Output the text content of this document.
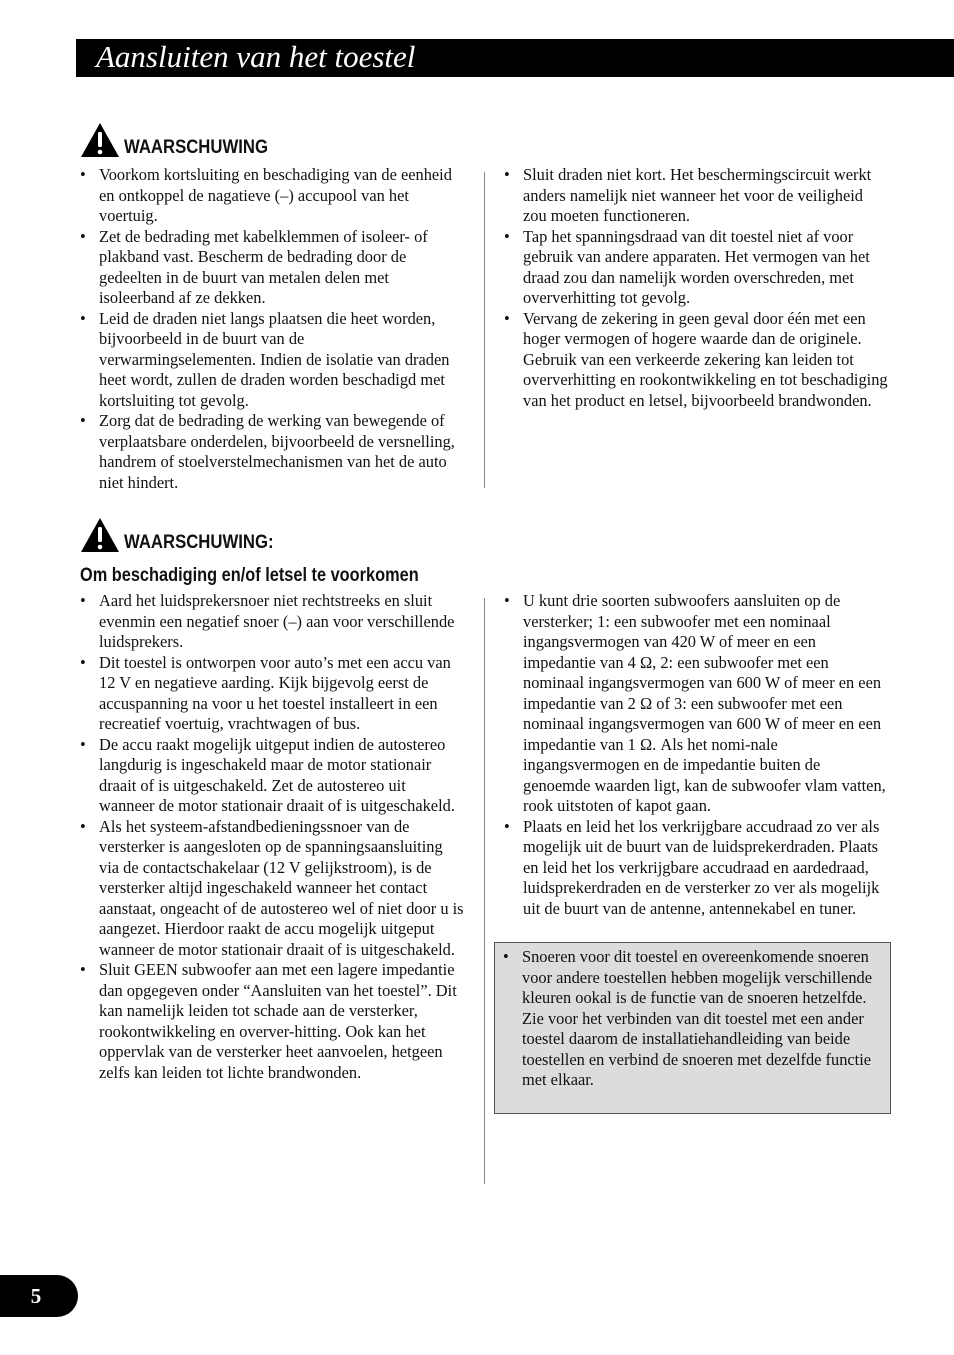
Aansluiten van het toestel
WAARSCHUWING
• Voorkom kortsluiting en beschadiging van de eenheid en ontkoppel de nagatieve (–) accupool van het voertuig.
• Zet de bedrading met kabelklemmen of isoleer- of plakband vast. Bescherm de bedrading door de gedeelten in de buurt van metalen delen met isoleerband af ze dekken.
• Leid de draden niet langs plaatsen die heet worden, bijvoorbeeld in de buurt van de verwarmingselementen. Indien de isolatie van draden heet wordt, zullen de draden worden beschadigd met kortsluiting tot gevolg.
• Zorg dat de bedrading de werking van bewegende of verplaatsbare onderdelen, bijvoorbeeld de versnelling, handrem of stoelverstelmechanismen van het de auto niet hindert.
• Sluit draden niet kort. Het beschermingscircuit werkt anders namelijk niet wanneer het voor de veiligheid zou moeten functioneren.
• Tap het spanningsdraad van dit toestel niet af voor gebruik van andere apparaten. Het vermogen van het draad zou dan namelijk worden overschreden, met oververhitting tot gevolg.
• Vervang de zekering in geen geval door één met een hoger vermogen of hogere waarde dan de originele. Gebruik van een verkeerde zekering kan leiden tot oververhitting en rookontwikkeling en tot beschadiging van het product en letsel, bijvoorbeeld brandwonden.
WAARSCHUWING:
Om beschadiging en/of letsel te voorkomen
• Aard het luidsprekersnoer niet rechtstreeks en sluit evenmin een negatief snoer (–) aan voor verschillende luidsprekers.
• Dit toestel is ontworpen voor auto’s met een accu van 12 V en negatieve aarding. Kijk bijgevolg eerst de accuspanning na voor u het toestel installeert in een recreatief voertuig, vrachtwagen of bus.
• De accu raakt mogelijk uitgeput indien de autostereo langdurig is ingeschakeld maar de motor stationair draait of is uitgeschakeld. Zet de autostereo uit wanneer de motor stationair draait of is uitgeschakeld.
• Als het systeem-afstandbedieningssnoer van de versterker is aangesloten op de spanningsaansluiting via de contactschakelaar (12 V gelijkstroom), is de versterker altijd ingeschakeld wanneer het contact aanstaat, ongeacht of de autostereo wel of niet door u is aangezet. Hierdoor raakt de accu mogelijk uitgeput wanneer de motor stationair draait of is uitgeschakeld.
• Sluit GEEN subwoofer aan met een lagere impedantie dan opgegeven onder “Aansluiten van het toestel”. Dit kan namelijk leiden tot schade aan de versterker, rookontwikkeling en overver-hitting. Ook kan het oppervlak van de versterker heet aanvoelen, hetgeen zelfs kan leiden tot lichte brandwonden.
• U kunt drie soorten subwoofers aansluiten op de versterker; 1: een subwoofer met een nominaal ingangsvermogen van 420 W of meer en een impedantie van 4 Ω, 2: een subwoofer met een nominaal ingangsvermogen van 600 W of meer en een impedantie van 2 Ω of 3: een subwoofer met een nominaal ingangsvermogen van 600 W of meer en een impedantie van 1 Ω. Als het nomi-nale ingangsvermogen en de impedantie buiten de genoemde waarden ligt, kan de subwoofer vlam vatten, rook uitstoten of kapot gaan.
• Plaats en leid het los verkrijgbare accudraad zo ver als mogelijk uit de buurt van de luidsprekerdraden. Plaats en leid het los verkrijgbare accudraad en aardedraad, luidsprekerdraden en de versterker zo ver als mogelijk uit de buurt van de antenne, antennekabel en tuner.
• Snoeren voor dit toestel en overeenkomende snoeren voor andere toestellen hebben mogelijk verschillende kleuren ookal is de functie van de snoeren hetzelfde. Zie voor het verbinden van dit toestel met een ander toestel daarom de installatiehandleiding van beide toestellen en verbind de snoeren met dezelfde functie met elkaar.
5
